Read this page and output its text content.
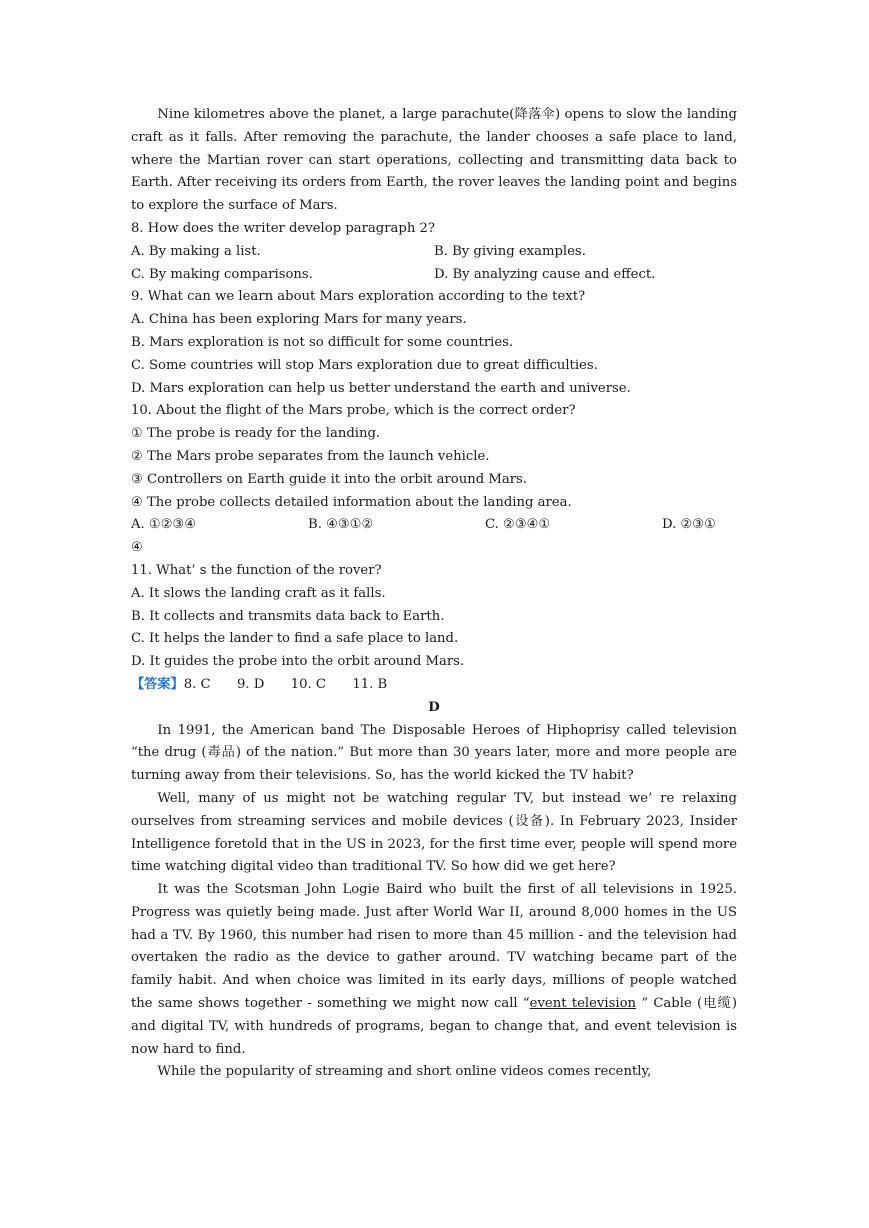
Nine kilometres above the planet, a large parachute(降落伞) opens to slow the landing craft as it falls. After removing the parachute, the lander chooses a safe place to land, where the Martian rover can start operations, collecting and transmitting data back to Earth. After receiving its orders from Earth, the rover leaves the landing point and begins to explore the surface of Mars.

8. How does the writer develop paragraph 2?

A. By making a list.	B. By giving examples.
C. By making comparisons.	D. By analyzing cause and effect.

9. What can we learn about Mars exploration according to the text?

A. China has been exploring Mars for many years.

B. Mars exploration is not so difficult for some countries.

C. Some countries will stop Mars exploration due to great difficulties.

D. Mars exploration can help us better understand the earth and universe.

10. About the flight of the Mars probe, which is the correct order?

① The probe is ready for the landing.

② The Mars probe separates from the launch vehicle.

③ Controllers on Earth guide it into the orbit around Mars.

④ The probe collects detailed information about the landing area.

A. ①②③④	B. ④③①②	C. ②③④①	D. ②③①

④

11. What’ s the function of the rover?

A. It slows the landing craft as it falls.

B. It collects and transmits data back to Earth.

C. It helps the lander to find a safe place to land.

D. It guides the probe into the orbit around Mars.

【答案】8. C　　9. D　　10. C　　11. B

D

In 1991, the American band The Disposable Heroes of Hiphoprisy called television “the drug (毒品) of the nation.” But more than 30 years later, more and more people are turning away from their televisions. So, has the world kicked the TV habit?

Well, many of us might not be watching regular TV, but instead we’ re relaxing ourselves from streaming services and mobile devices (设备). In February 2023, Insider Intelligence foretold that in the US in 2023, for the first time ever, people will spend more time watching digital video than traditional TV. So how did we get here?

It was the Scotsman John Logie Baird who built the first of all televisions in 1925. Progress was quietly being made. Just after World War II, around 8,000 homes in the US had a TV. By 1960, this number had risen to more than 45 million - and the television had overtaken the radio as the device to gather around. TV watching became part of the family habit. And when choice was limited in its early days, millions of people watched the same shows together - something we might now call “event television ” Cable (电缆) and digital TV, with hundreds of programs, began to change that, and event television is now hard to find.

While the popularity of streaming and short online videos comes recently,
